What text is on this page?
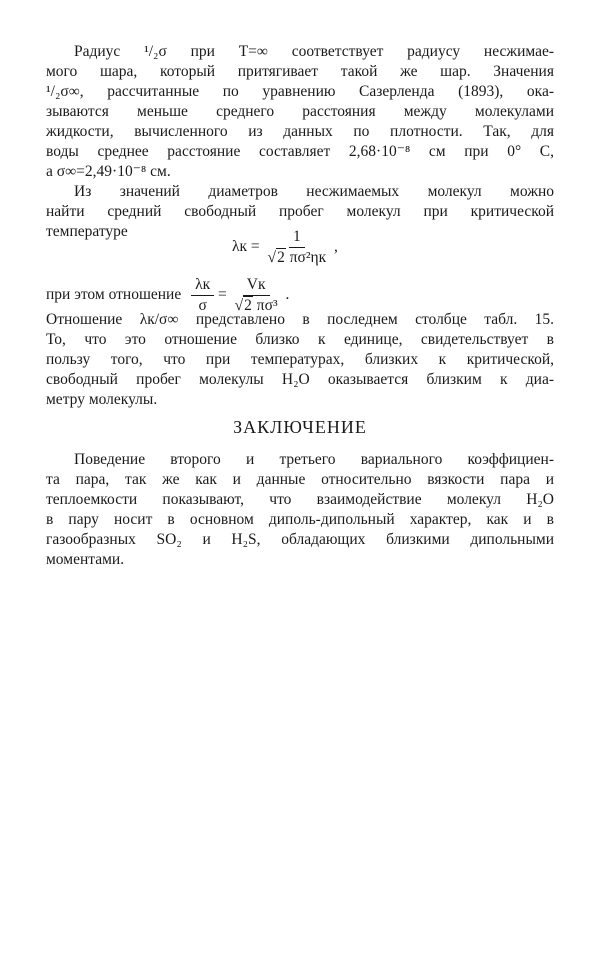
Радиус ¹/₂σ при T=∞ соответствует радиусу несжимае-
мого шара, который притягивает такой же шар. Значения
¹/₂σ∞, рассчитанные по уравнению Сазерленда (1893), ока-
зываются меньше среднего расстояния между молекулами
жидкости, вычисленного из данных по плотности. Так, для
воды среднее расстояние составляет 2,68·10⁻⁸ см при 0° С,
а σ∞=2,49·10⁻⁸ см.
Из значений диаметров несжимаемых молекул можно
найти средний свободный пробег молекул при критической
температуре
$\lambda к = \frac{1}{\text{√2 πσ²ηк}}$ ,
при этом отношение $\frac{\lambda к}{\sigma} = \frac{Vк}{\text{√2 πσ³}}$ .
Отношение λк/σ∞ представлено в последнем столбце табл. 15.
То, что это отношение близко к единице, свидетельствует в
пользу того, что при температурах, близких к критической,
свободный пробег молекулы H₂O оказывается близким к диа-
метру молекулы.
ЗАКЛЮЧЕНИЕ
Поведение второго и третьего вариального коэффициен-
та пара, так же как и данные относительно вязкости пара и
теплоемкости показывают, что взаимодействие молекул H₂O
в пару носит в основном диполь-дипольный характер, как и в
газообразных SO₂ и H₂S, обладающих близкими дипольными
моментами.
